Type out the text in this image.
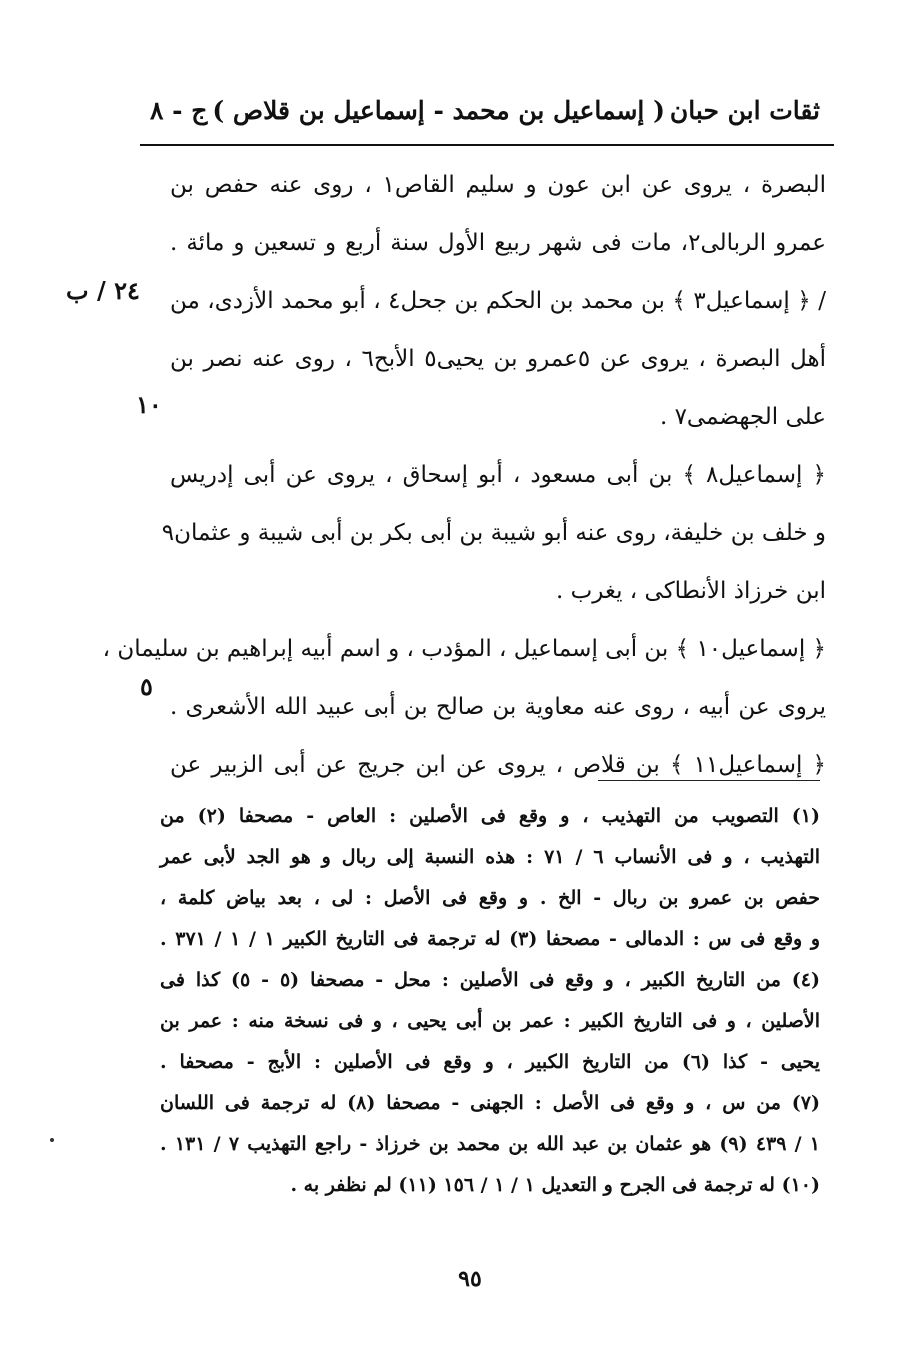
ثقات ابن حبان
( إسماعيل بن محمد - إسماعيل بن قلاص )
ج - ٨
البصرة ، يروى عن ابن عون و سليم القاص١ ، روى عنه حفص بن
عمرو الربالى٢، مات فى شهر ربيع الأول سنة أربع و تسعين و مائة .
/ ﴿ إسماعيل٣ ﴾ بن محمد بن الحكم بن جحل٤ ، أبو محمد الأزدى، من
أهل البصرة ، يروى عن ٥عمرو بن يحيى٥ الأبح٦ ، روى عنه نصر بن
على الجهضمى٧ .
﴿ إسماعيل٨ ﴾ بن أبى مسعود ، أبو إسحاق ، يروى عن أبى إدريس
و خلف بن خليفة، روى عنه أبو شيبة بن أبى بكر بن أبى شيبة و عثمان٩
ابن خرزاذ الأنطاكى ، يغرب .
﴿ إسماعيل١٠ ﴾ بن أبى إسماعيل ، المؤدب ، و اسم أبيه إبراهيم بن سليمان ،
يروى عن أبيه ، روى عنه معاوية بن صالح بن أبى عبيد الله الأشعرى .
﴿ إسماعيل١١ ﴾ بن قلاص ، يروى عن ابن جريج عن أبى الزبير عن
٢٤ / ب
١٠
٥
(١) التصويب من التهذيب ، و وقع فى الأصلين : العاص - مصحفا (٢) من
التهذيب ، و فى الأنساب ٦ / ٧١ : هذه النسبة إلى ربال و هو الجد لأبى عمر
حفص بن عمرو بن ربال - الخ . و وقع فى الأصل : لى ، بعد بياض كلمة ،
و وقع فى س : الدمالى - مصحفا (٣) له ترجمة فى التاريخ الكبير ١ / ١ / ٣٧١ .
(٤) من التاريخ الكبير ، و وقع فى الأصلين : محل - مصحفا (٥ - ٥) كذا فى
الأصلين ، و فى التاريخ الكبير : عمر بن أبى يحيى ، و فى نسخة منه : عمر بن
يحيى - كذا (٦) من التاريخ الكبير ، و وقع فى الأصلين : الأبج - مصحفا .
(٧) من س ، و وقع فى الأصل : الجهنى - مصحفا (٨) له ترجمة فى اللسان
١ / ٤٣٩ (٩) هو عثمان بن عبد الله بن محمد بن خرزاذ - راجع التهذيب ٧ / ١٣١ .
(١٠) له ترجمة فى الجرح و التعديل ١ / ١ / ١٥٦ (١١) لم نظفر به .
٩٥
